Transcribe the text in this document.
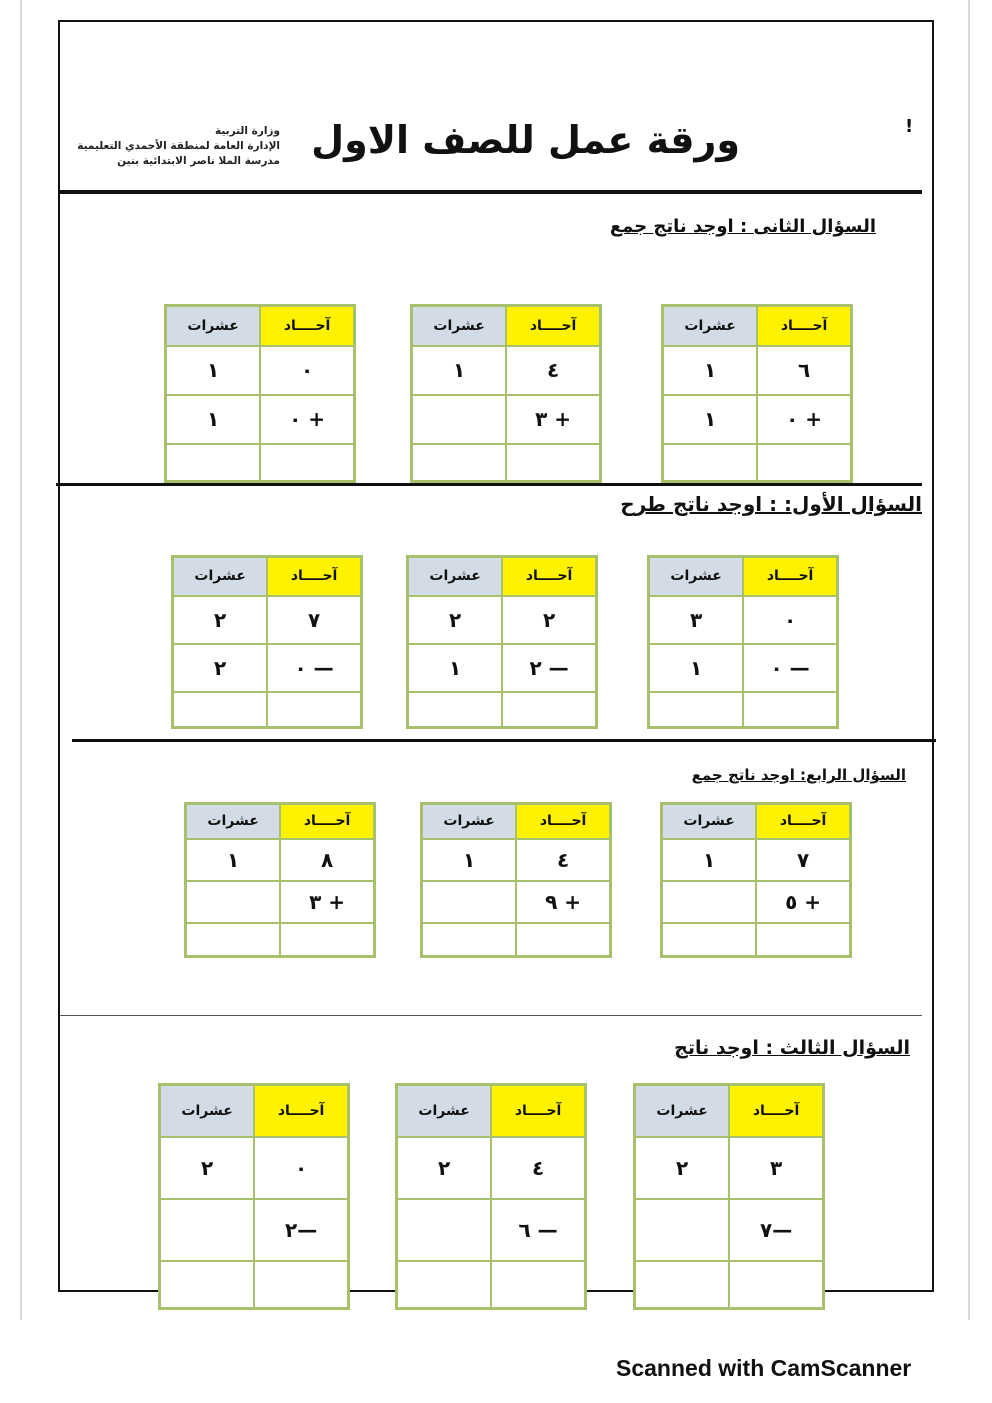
!
ورقة عمل للصف الاول
وزارة التربية
الإدارة العامة لمنطقة الأحمدي التعليمية
مدرسة الملا ناصر الابتدائية بنين
السؤال الثانى : اوجد ناتج جمع
السؤال الأول: : اوجد ناتج طرح
السؤال الرابع: اوجد ناتج جمع
السؤال الثالث : اوجد ناتج
عشرات	آحــــاد

١	٠

١	٠ +

عشرات	آحــــاد

١	٤

	٣ +

عشرات	آحــــاد

١	٦

١	٠ +

عشرات	آحــــاد

٢	٧

٢	٠ —

عشرات	آحــــاد

٢	٢

١	٢ —

عشرات	آحــــاد

٣	٠

١	٠ —

عشرات	آحــــاد

١	٨

	٣ +

عشرات	آحــــاد

١	٤

	٩ +

عشرات	آحــــاد

١	٧

	٥ +

عشرات	آحــــاد

٢	٠

	٢—

عشرات	آحــــاد

٢	٤

	٦ —

عشرات	آحــــاد

٢	٣

	٧—

Scanned with CamScanner
